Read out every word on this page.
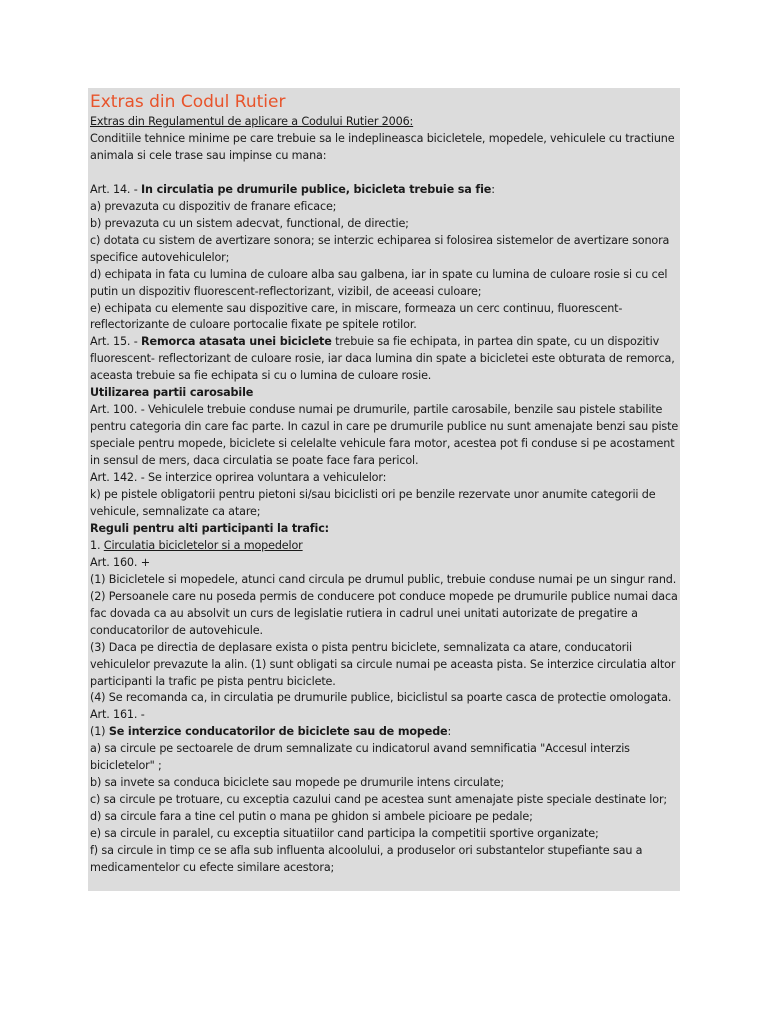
Extras din Codul Rutier
Extras din Regulamentul de aplicare a Codului Rutier 2006:
Conditiile tehnice minime pe care trebuie sa le indeplineasca bicicletele, mopedele, vehiculele cu tractiune animala si cele trase sau impinse cu mana:
Art. 14. - In circulatia pe drumurile publice, bicicleta trebuie sa fie:
a) prevazuta cu dispozitiv de franare eficace;
b) prevazuta cu un sistem adecvat, functional, de directie;
c) dotata cu sistem de avertizare sonora; se interzic echiparea si folosirea sistemelor de avertizare sonora specifice autovehiculelor;
d) echipata in fata cu lumina de culoare alba sau galbena, iar in spate cu lumina de culoare rosie si cu cel putin un dispozitiv fluorescent-reflectorizant, vizibil, de aceeasi culoare;
e) echipata cu elemente sau dispozitive care, in miscare, formeaza un cerc continuu, fluorescent-reflectorizante de culoare portocalie fixate pe spitele rotilor.
Art. 15. - Remorca atasata unei biciclete trebuie sa fie echipata, in partea din spate, cu un dispozitiv fluorescent- reflectorizant de culoare rosie, iar daca lumina din spate a bicicletei este obturata de remorca, aceasta trebuie sa fie echipata si cu o lumina de culoare rosie.
Utilizarea partii carosabile
Art. 100. - Vehiculele trebuie conduse numai pe drumurile, partile carosabile, benzile sau pistele stabilite pentru categoria din care fac parte. In cazul in care pe drumurile publice nu sunt amenajate benzi sau piste speciale pentru mopede, biciclete si celelalte vehicule fara motor, acestea pot fi conduse si pe acostament in sensul de mers, daca circulatia se poate face fara pericol.
Art. 142. - Se interzice oprirea voluntara a vehiculelor:
k) pe pistele obligatorii pentru pietoni si/sau biciclisti ori pe benzile rezervate unor anumite categorii de vehicule, semnalizate ca atare;
Reguli pentru alti participanti la trafic:
1. Circulatia bicicletelor si a mopedelor
Art. 160. +
(1) Bicicletele si mopedele, atunci cand circula pe drumul public, trebuie conduse numai pe un singur rand.
(2) Persoanele care nu poseda permis de conducere pot conduce mopede pe drumurile publice numai daca fac dovada ca au absolvit un curs de legislatie rutiera in cadrul unei unitati autorizate de pregatire a conducatorilor de autovehicule.
(3) Daca pe directia de deplasare exista o pista pentru biciclete, semnalizata ca atare, conducatorii vehiculelor prevazute la alin. (1) sunt obligati sa circule numai pe aceasta pista. Se interzice circulatia altor participanti la trafic pe pista pentru biciclete.
(4) Se recomanda ca, in circulatia pe drumurile publice, biciclistul sa poarte casca de protectie omologata.
Art. 161. -
(1) Se interzice conducatorilor de biciclete sau de mopede:
a) sa circule pe sectoarele de drum semnalizate cu indicatorul avand semnificatia "Accesul interzis bicicletelor" ;
b) sa invete sa conduca biciclete sau mopede pe drumurile intens circulate;
c) sa circule pe trotuare, cu exceptia cazului cand pe acestea sunt amenajate piste speciale destinate lor;
d) sa circule fara a tine cel putin o mana pe ghidon si ambele picioare pe pedale;
e) sa circule in paralel, cu exceptia situatiilor cand participa la competitii sportive organizate;
f) sa circule in timp ce se afla sub influenta alcoolului, a produselor ori substantelor stupefiante sau a medicamentelor cu efecte similare acestora;
